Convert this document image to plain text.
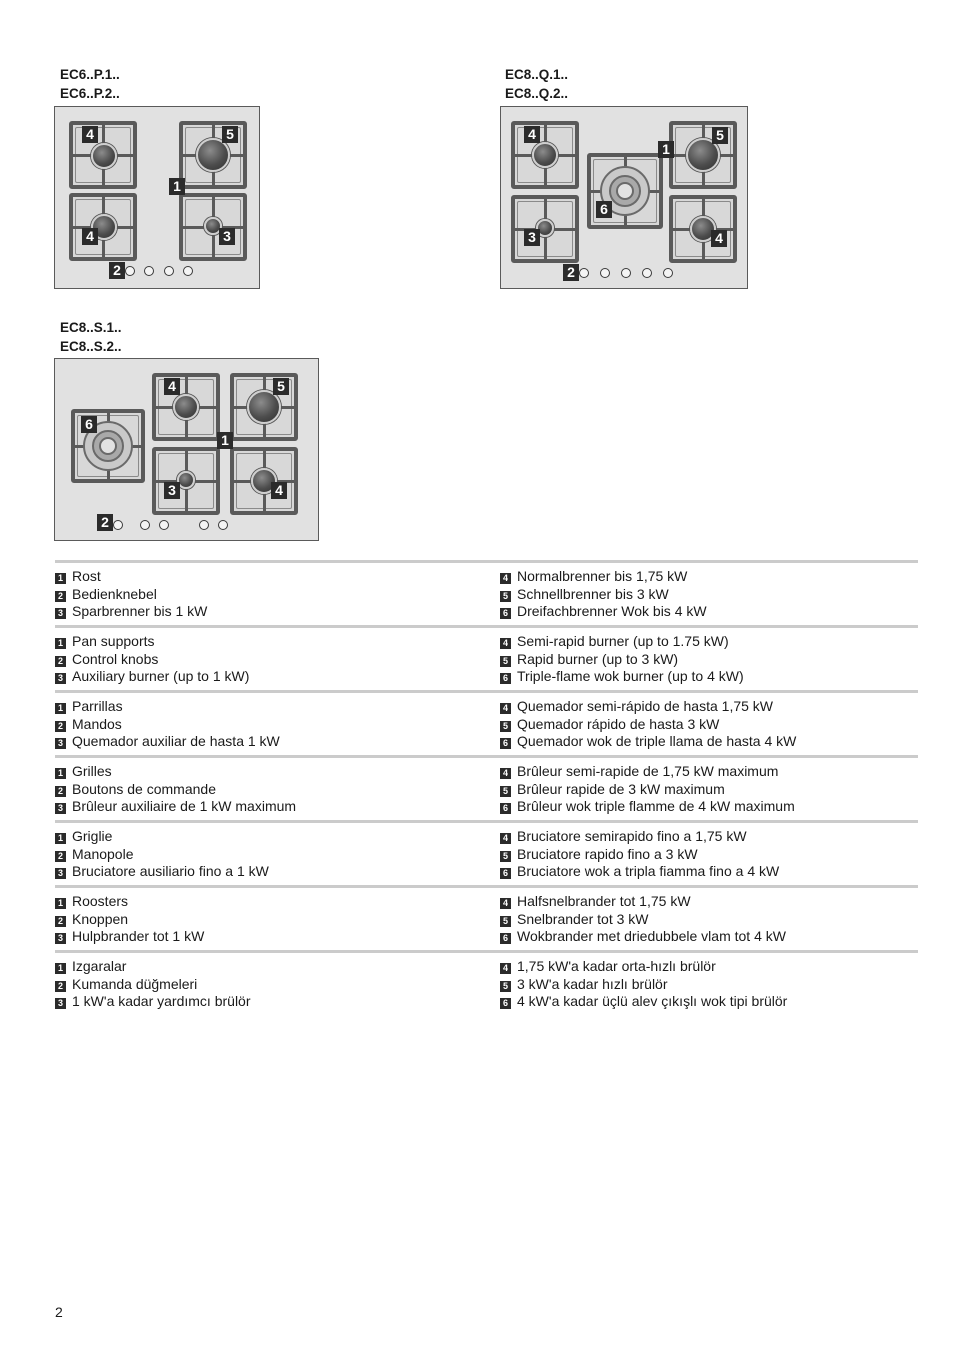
EC6..P.1..
EC6..P.2..
4	5
1
4	3
2
EC8..Q.1..
EC8..Q.2..
4
1
5
6
3	4
2
EC8..S.1..
EC8..S.2..
4	5
6
1
3	4
2
1 Rost
2 Bedienknebel
3 Sparbrenner bis 1 kW
4 Normalbrenner bis 1,75 kW
5 Schnellbrenner bis 3 kW
6 Dreifachbrenner Wok bis 4 kW
1 Pan supports
2 Control knobs
3 Auxiliary burner (up to 1 kW)
4 Semi-rapid burner (up to 1.75 kW)
5 Rapid burner (up to 3 kW)
6 Triple-flame wok burner (up to 4 kW)
1 Parrillas
2 Mandos
3 Quemador auxiliar de hasta 1 kW
4 Quemador semi-rápido de hasta 1,75 kW
5 Quemador rápido de hasta 3 kW
6 Quemador wok de triple llama de hasta 4 kW
1 Grilles
2 Boutons de commande
3 Brûleur auxiliaire de 1 kW maximum
4 Brûleur semi-rapide de 1,75 kW maximum
5 Brûleur rapide de 3 kW maximum
6 Brûleur wok triple flamme de 4 kW maximum
1 Griglie
2 Manopole
3 Bruciatore ausiliario fino a 1 kW
4 Bruciatore semirapido fino a 1,75 kW
5 Bruciatore rapido fino a 3 kW
6 Bruciatore wok a tripla fiamma fino a 4 kW
1 Roosters
2 Knoppen
3 Hulpbrander tot 1 kW
4 Halfsnelbrander tot 1,75 kW
5 Snelbrander tot 3 kW
6 Wokbrander met driedubbele vlam tot 4 kW
1 Izgaralar
2 Kumanda düğmeleri
3 1 kW'a kadar yardımcı brülör
4 1,75 kW'a kadar orta-hızlı brülör
5 3 kW'a kadar hızlı brülör
6 4 kW'a kadar üçlü alev çıkışlı wok tipi brülör
2
